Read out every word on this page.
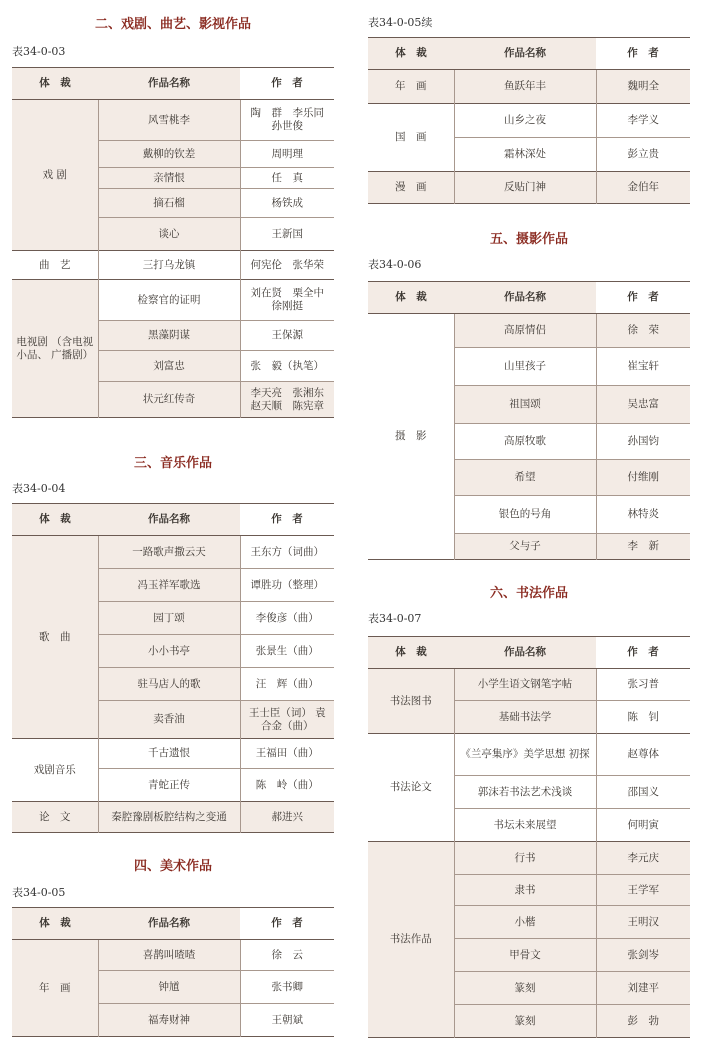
二、戏剧、曲艺、影视作品
表34-0-03
体　裁	作品名称	作　者
戏 剧	风雪桃李	陶　群　李乐同 孙世俊
	戴柳的钦差	周明理
	亲情恨	任　真
	摘石榴	杨铁成
	谈心	王新国
曲　艺	三打乌龙镇	何宪伦　张华荣
电视剧 （含电视小品、 广播剧）	检察官的证明	刘在贤　栗全中 徐刚挺
	黑藻阴谋	王保源
	刘富忠	张　毅（执笔）
	状元红传奇	李天亮　张湘东 赵天顺　陈宪章
三、音乐作品
表34-0-04
体　裁	作品名称	作　者
歌　曲	一路歌声撒云天	王东方（词曲）
	冯玉祥军歌选	谭胜功（整理）
	园丁颂	李俊彦（曲）
	小小书亭	张景生（曲）
	驻马店人的歌	汪　辉（曲）
	卖香油	王士臣（词） 袁合金（曲）
戏剧音乐	千古遗恨	王福田（曲）
	青蛇正传	陈　岭（曲）
论　文	秦腔豫剧板腔结构之变通	郝进兴
四、美术作品
表34-0-05
体　裁	作品名称	作　者
年　画	喜鹊叫喳喳	徐　云
	钟馗	张书卿
	福寿财神	王朝斌
表34-0-05续
体　裁	作品名称	作　者
年　画	鱼跃年丰	魏明全
国　画	山乡之夜	李学义
	霜林深处	彭立贵
漫　画	反贴门神	金伯年
五、摄影作品
表34-0-06
体　裁	作品名称	作　者
摄　影	高原情侣	徐　荣
	山里孩子	崔宝轩
	祖国颂	吴忠富
	高原牧歌	孙国钧
	希望	付维刚
	银色的号角	林特炎
	父与子	李　新
六、书法作品
表34-0-07
体　裁	作品名称	作　者
书法图书	小学生语文钢笔字帖	张习普
	基础书法学	陈　钊
书法论文	《兰亭集序》美学思想 初探	赵尊体
	郭沫若书法艺术浅谈	邵国义
	书坛未来展望	何明寅
书法作品	行书	李元庆
	隶书	王学军
	小楷	王明汉
	甲骨文	张剑岑
	篆刻	刘建平
	篆刻	彭　勃
